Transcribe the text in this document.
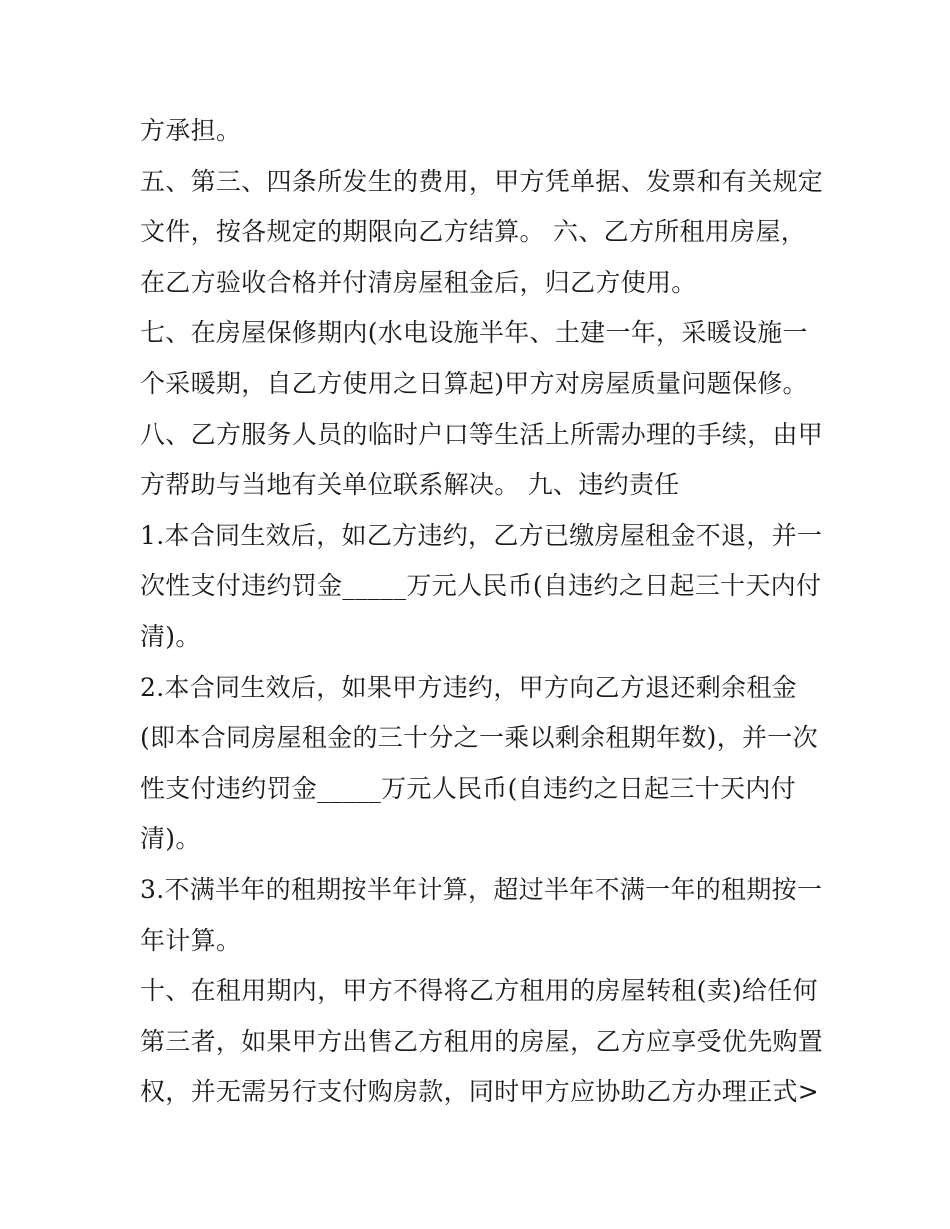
方承担。
五、第三、四条所发生的费用，甲方凭单据、发票和有关规定
文件，按各规定的期限向乙方结算。 六、乙方所租用房屋，
在乙方验收合格并付清房屋租金后，归乙方使用。
七、在房屋保修期内(水电设施半年、土建一年，采暖设施一
个采暖期，自乙方使用之日算起)甲方对房屋质量问题保修。
八、乙方服务人员的临时户口等生活上所需办理的手续，由甲
方帮助与当地有关单位联系解决。 九、违约责任
1.本合同生效后，如乙方违约，乙方已缴房屋租金不退，并一
次性支付违约罚金_____万元人民币(自违约之日起三十天内付
清)。
2.本合同生效后，如果甲方违约，甲方向乙方退还剩余租金
(即本合同房屋租金的三十分之一乘以剩余租期年数)，并一次
性支付违约罚金_____万元人民币(自违约之日起三十天内付
清)。
3.不满半年的租期按半年计算，超过半年不满一年的租期按一
年计算。
十、在租用期内，甲方不得将乙方租用的房屋转租(卖)给任何
第三者，如果甲方出售乙方租用的房屋，乙方应享受优先购置
权，并无需另行支付购房款，同时甲方应协助乙方办理正式>
